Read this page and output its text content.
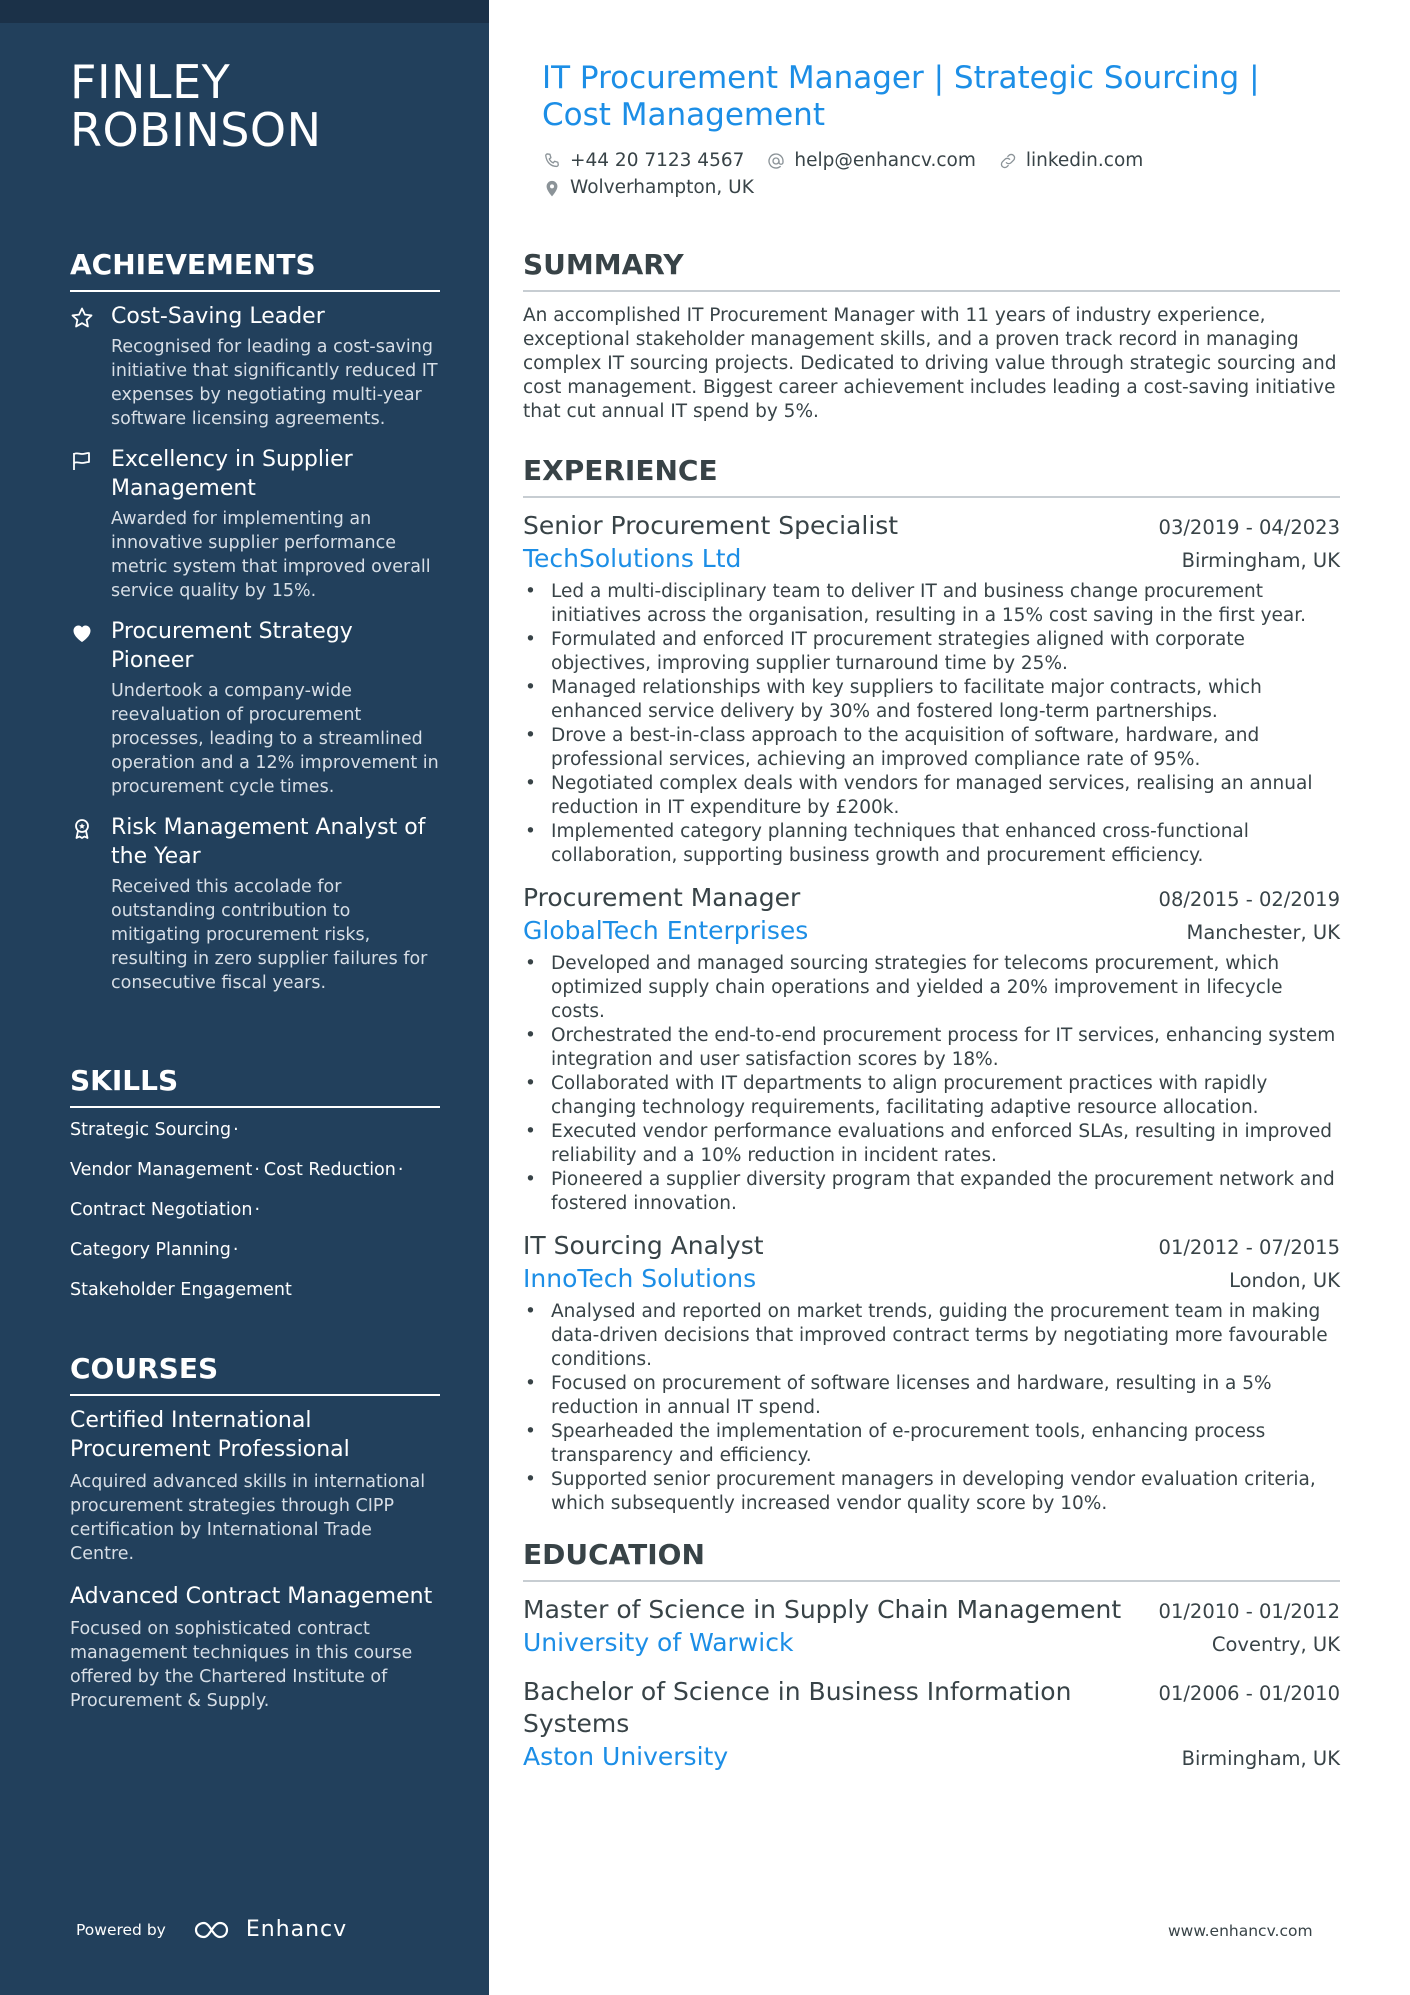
FINLEY
ROBINSON
ACHIEVEMENTS
Cost-Saving Leader
Recognised for leading a cost-saving initiative that significantly reduced IT expenses by negotiating multi-year software licensing agreements.
Excellency in Supplier Management
Awarded for implementing an innovative supplier performance metric system that improved overall service quality by 15%.
Procurement Strategy Pioneer
Undertook a company-wide reevaluation of procurement processes, leading to a streamlined operation and a 12% improvement in procurement cycle times.
Risk Management Analyst of the Year
Received this accolade for outstanding contribution to mitigating procurement risks, resulting in zero supplier failures for consecutive fiscal years.
SKILLS
Strategic Sourcing ·
Vendor Management · Cost Reduction ·
Contract Negotiation ·
Category Planning ·
Stakeholder Engagement
COURSES
Certified International Procurement Professional
Acquired advanced skills in international procurement strategies through CIPP certification by International Trade Centre.
Advanced Contract Management
Focused on sophisticated contract management techniques in this course offered by the Chartered Institute of Procurement & Supply.
Powered by	Enhancv
IT Procurement Manager | Strategic Sourcing | Cost Management
+44 20 7123 4567	help@enhancv.com	linkedin.com
Wolverhampton, UK
SUMMARY

An accomplished IT Procurement Manager with 11 years of industry experience, exceptional stakeholder management skills, and a proven track record in managing complex IT sourcing projects. Dedicated to driving value through strategic sourcing and cost management. Biggest career achievement includes leading a cost-saving initiative that cut annual IT spend by 5%.

EXPERIENCE
Senior Procurement Specialist	03/2019 - 04/2023
TechSolutions Ltd	Birmingham, UK
• Led a multi-disciplinary team to deliver IT and business change procurement initiatives across the organisation, resulting in a 15% cost saving in the first year.
• Formulated and enforced IT procurement strategies aligned with corporate objectives, improving supplier turnaround time by 25%.
• Managed relationships with key suppliers to facilitate major contracts, which enhanced service delivery by 30% and fostered long-term partnerships.
• Drove a best-in-class approach to the acquisition of software, hardware, and professional services, achieving an improved compliance rate of 95%.
• Negotiated complex deals with vendors for managed services, realising an annual reduction in IT expenditure by £200k.
• Implemented category planning techniques that enhanced cross-functional collaboration, supporting business growth and procurement efficiency.
Procurement Manager	08/2015 - 02/2019
GlobalTech Enterprises	Manchester, UK
• Developed and managed sourcing strategies for telecoms procurement, which optimized supply chain operations and yielded a 20% improvement in lifecycle costs.
• Orchestrated the end-to-end procurement process for IT services, enhancing system integration and user satisfaction scores by 18%.
• Collaborated with IT departments to align procurement practices with rapidly changing technology requirements, facilitating adaptive resource allocation.
• Executed vendor performance evaluations and enforced SLAs, resulting in improved reliability and a 10% reduction in incident rates.
• Pioneered a supplier diversity program that expanded the procurement network and fostered innovation.
IT Sourcing Analyst	01/2012 - 07/2015
InnoTech Solutions	London, UK
• Analysed and reported on market trends, guiding the procurement team in making data-driven decisions that improved contract terms by negotiating more favourable conditions.
• Focused on procurement of software licenses and hardware, resulting in a 5% reduction in annual IT spend.
• Spearheaded the implementation of e-procurement tools, enhancing process transparency and efficiency.
• Supported senior procurement managers in developing vendor evaluation criteria, which subsequently increased vendor quality score by 10%.
EDUCATION
Master of Science in Supply Chain Management 01/2010 - 01/2012
University of Warwick	Coventry, UK
Bachelor of Science in Business Information Systems
01/2006 - 01/2010
Aston University	Birmingham, UK
www.enhancv.com
